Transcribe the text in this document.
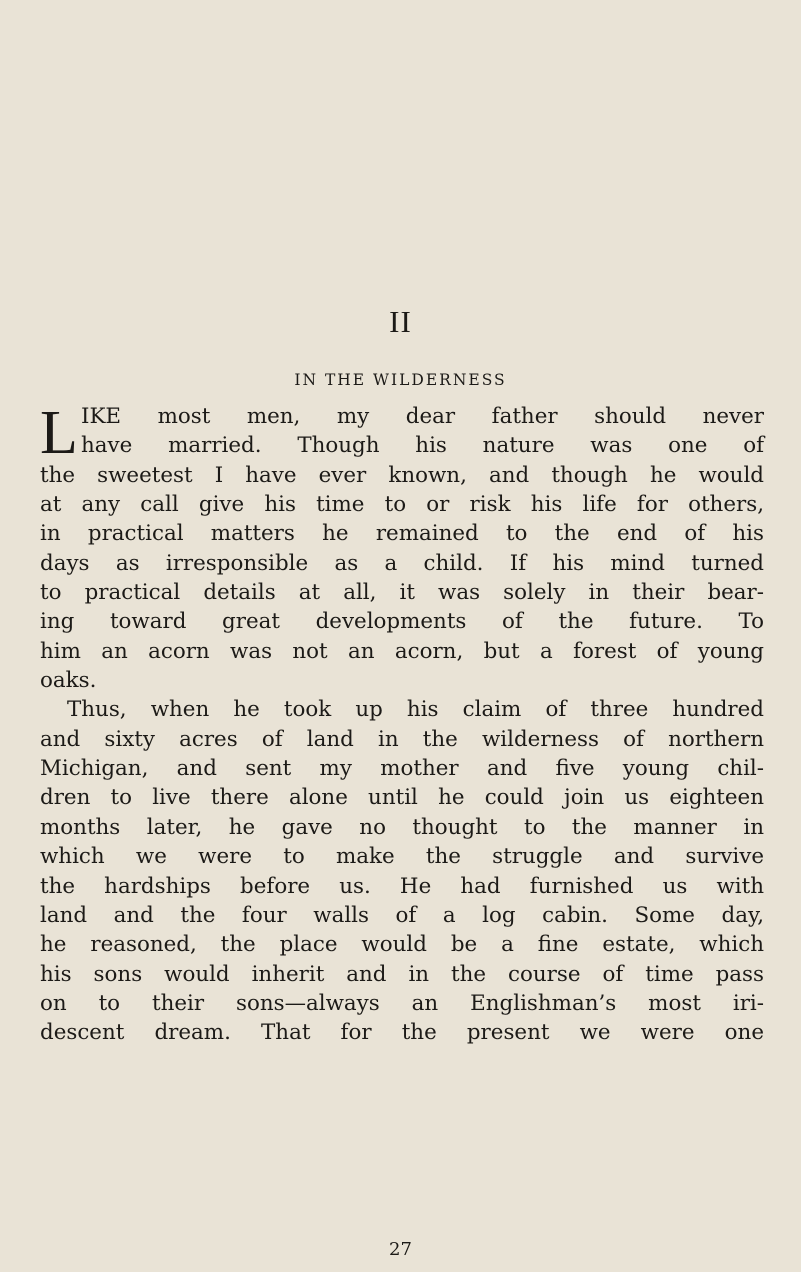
II
IN THE WILDERNESS
L IKE most men, my dear father should never
have married. Though his nature was one of
the sweetest I have ever known, and though he would
at any call give his time to or risk his life for others,
in practical matters he remained to the end of his
days as irresponsible as a child. If his mind turned
to practical details at all, it was solely in their bear-
ing toward great developments of the future. To
him an acorn was not an acorn, but a forest of young
oaks.
Thus, when he took up his claim of three hundred
and sixty acres of land in the wilderness of northern
Michigan, and sent my mother and five young chil-
dren to live there alone until he could join us eighteen
months later, he gave no thought to the manner in
which we were to make the struggle and survive
the hardships before us. He had furnished us with
land and the four walls of a log cabin. Some day,
he reasoned, the place would be a fine estate, which
his sons would inherit and in the course of time pass
on to their sons—always an Englishman’s most iri-
descent dream. That for the present we were one
27
